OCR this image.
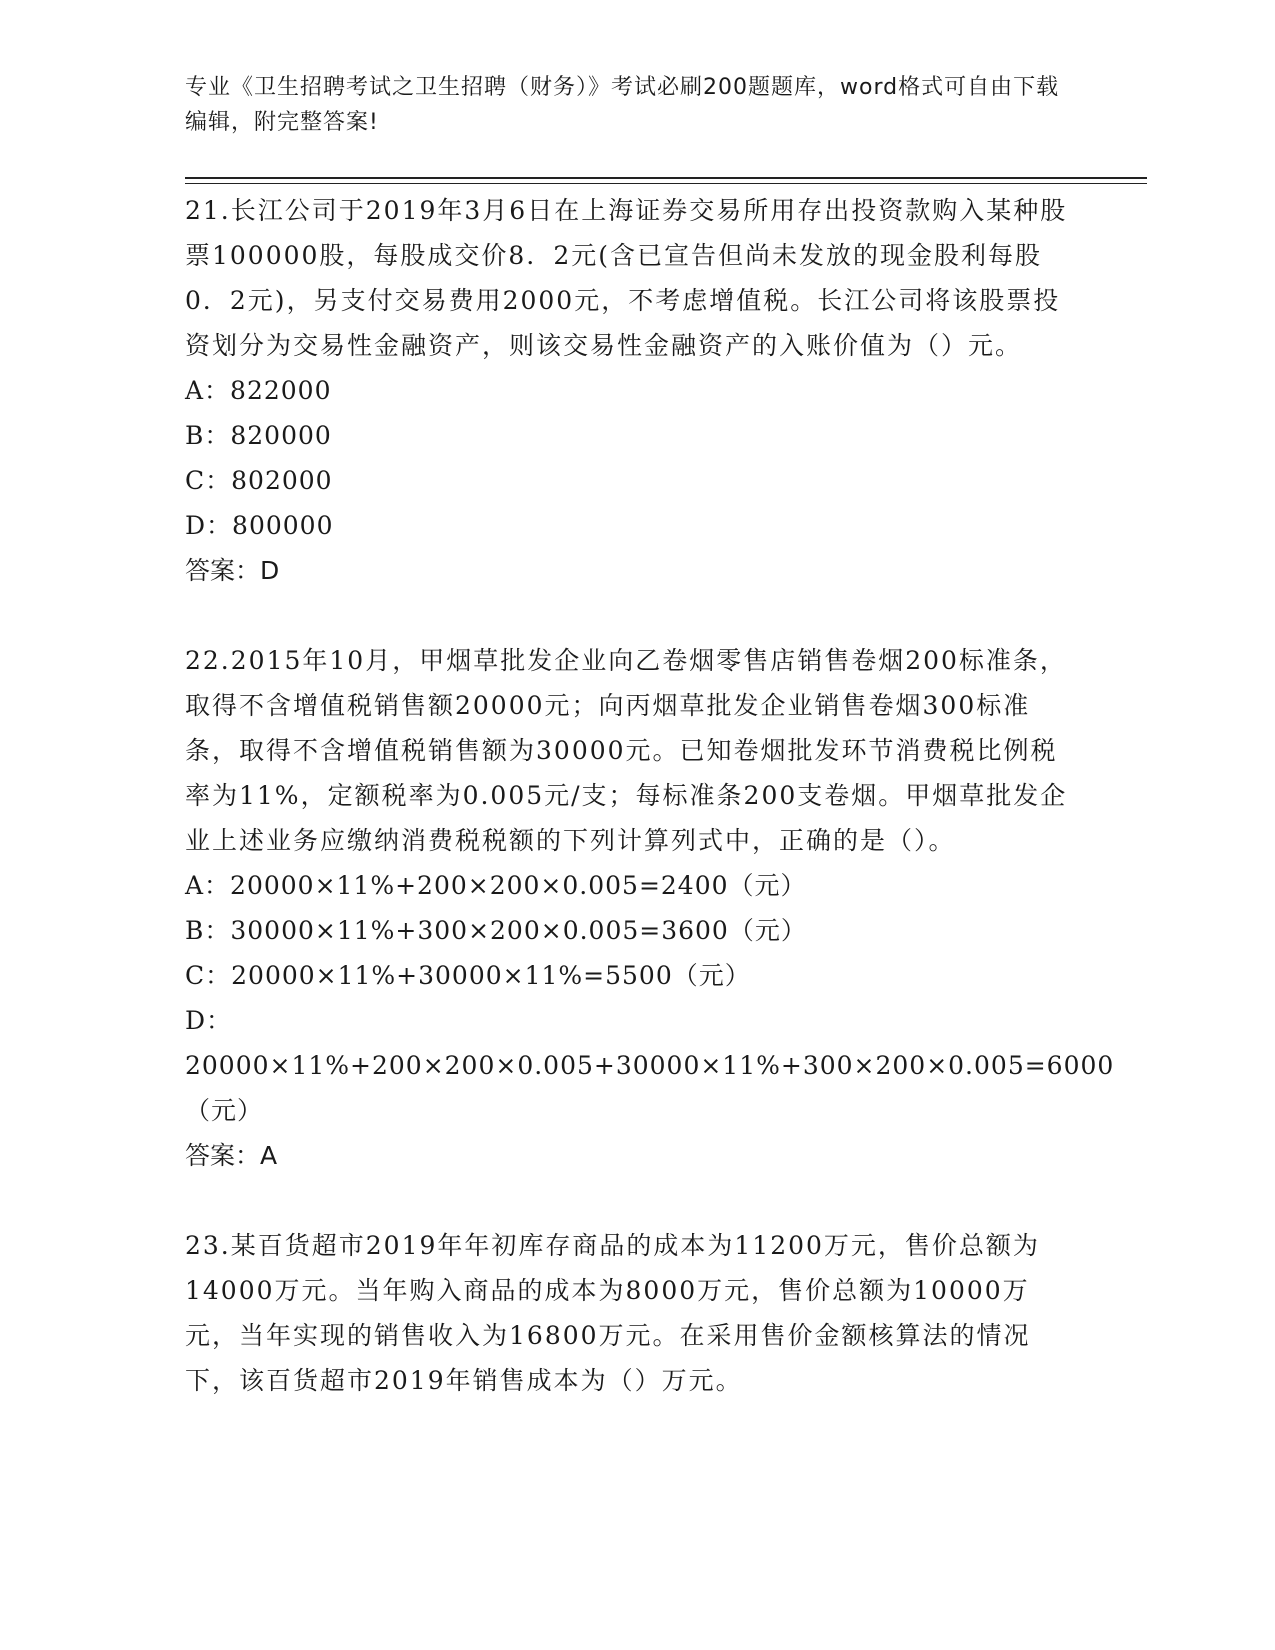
专业《卫生招聘考试之卫生招聘（财务）》考试必刷200题题库，word格式可自由下载编辑，附完整答案!

21.长江公司于2019年3月6日在上海证券交易所用存出投资款购入某种股票100000股，每股成交价8．2元(含已宣告但尚未发放的现金股利每股0．2元)，另支付交易费用2000元，不考虑增值税。长江公司将该股票投资划分为交易性金融资产，则该交易性金融资产的入账价值为（）元。

A：822000

B：820000

C：802000

D：800000

答案：D

22.2015年10月，甲烟草批发企业向乙卷烟零售店销售卷烟200标准条，取得不含增值税销售额20000元；向丙烟草批发企业销售卷烟300标准条，取得不含增值税销售额为30000元。已知卷烟批发环节消费税比例税率为11%，定额税率为0.005元/支；每标准条200支卷烟。甲烟草批发企业上述业务应缴纳消费税税额的下列计算列式中，正确的是（）。

A：20000×11%+200×200×0.005=2400（元）

B：30000×11%+300×200×0.005=3600（元）

C：20000×11%+30000×11%=5500（元）

D：20000×11%+200×200×0.005+30000×11%+300×200×0.005=6000（元）

答案：A

23.某百货超市2019年年初库存商品的成本为11200万元，售价总额为14000万元。当年购入商品的成本为8000万元，售价总额为10000万元，当年实现的销售收入为16800万元。在采用售价金额核算法的情况下，该百货超市2019年销售成本为（）万元。
